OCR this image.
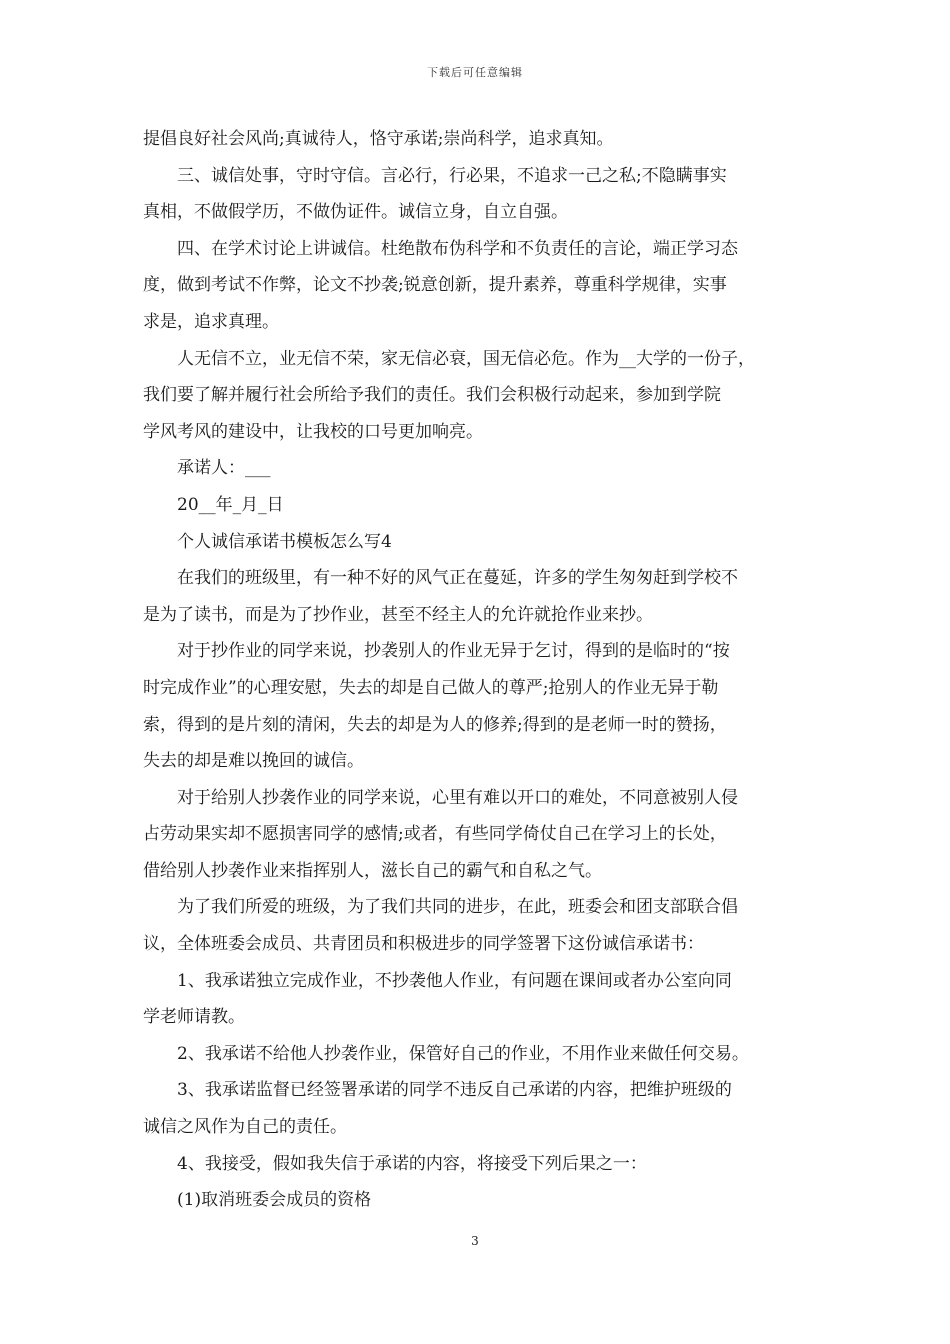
下载后可任意编辑
提倡良好社会风尚;真诚待人，恪守承诺;崇尚科学，追求真知。
三、诚信处事，守时守信。言必行，行必果，不追求一己之私;不隐瞒事实
真相，不做假学历，不做伪证件。诚信立身，自立自强。
四、在学术讨论上讲诚信。杜绝散布伪科学和不负责任的言论，端正学习态
度，做到考试不作弊，论文不抄袭;锐意创新，提升素养，尊重科学规律，实事
求是，追求真理。
人无信不立，业无信不荣，家无信必衰，国无信必危。作为__大学的一份子，
我们要了解并履行社会所给予我们的责任。我们会积极行动起来，参加到学院
学风考风的建设中，让我校的口号更加响亮。
承诺人：___
20__年_月_日
个人诚信承诺书模板怎么写4
在我们的班级里，有一种不好的风气正在蔓延，许多的学生匆匆赶到学校不
是为了读书，而是为了抄作业，甚至不经主人的允许就抢作业来抄。
对于抄作业的同学来说，抄袭别人的作业无异于乞讨，得到的是临时的“按
时完成作业”的心理安慰，失去的却是自己做人的尊严;抢别人的作业无异于勒
索，得到的是片刻的清闲，失去的却是为人的修养;得到的是老师一时的赞扬，
失去的却是难以挽回的诚信。
对于给别人抄袭作业的同学来说，心里有难以开口的难处，不同意被别人侵
占劳动果实却不愿损害同学的感情;或者，有些同学倚仗自己在学习上的长处，
借给别人抄袭作业来指挥别人，滋长自己的霸气和自私之气。
为了我们所爱的班级，为了我们共同的进步，在此，班委会和团支部联合倡
议，全体班委会成员、共青团员和积极进步的同学签署下这份诚信承诺书：
1、我承诺独立完成作业，不抄袭他人作业，有问题在课间或者办公室向同
学老师请教。
2、我承诺不给他人抄袭作业，保管好自己的作业，不用作业来做任何交易。
3、我承诺监督已经签署承诺的同学不违反自己承诺的内容，把维护班级的
诚信之风作为自己的责任。
4、我接受，假如我失信于承诺的内容，将接受下列后果之一：
(1)取消班委会成员的资格
3
